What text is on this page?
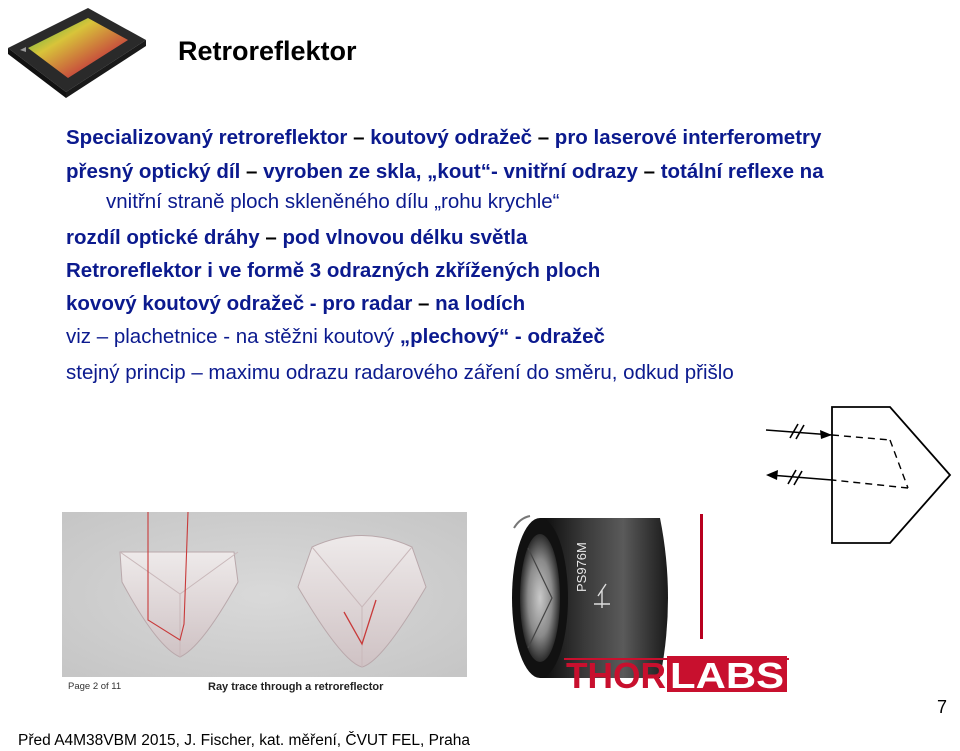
Retroreflektor
Specializovaný retroreflektor – koutový odražeč – pro laserové interferometry
přesný optický díl – vyroben ze skla, „kout“- vnitřní odrazy – totální reflexe na
vnitřní straně ploch skleněného dílu „rohu krychle“
rozdíl optické dráhy – pod vlnovou délku světla
Retroreflektor i ve formě 3 odrazných zkřížených ploch
kovový koutový odražeč - pro radar – na lodích
viz – plachetnice - na stěžni koutový „plechový“ - odražeč
stejný princip – maximu odrazu radarového záření do směru, odkud přišlo
Page 2 of 11	Ray trace through a retroreflector
PS976M
THOR LABS
7
Před A4M38VBM 2015, J. Fischer, kat. měření, ČVUT FEL, Praha
